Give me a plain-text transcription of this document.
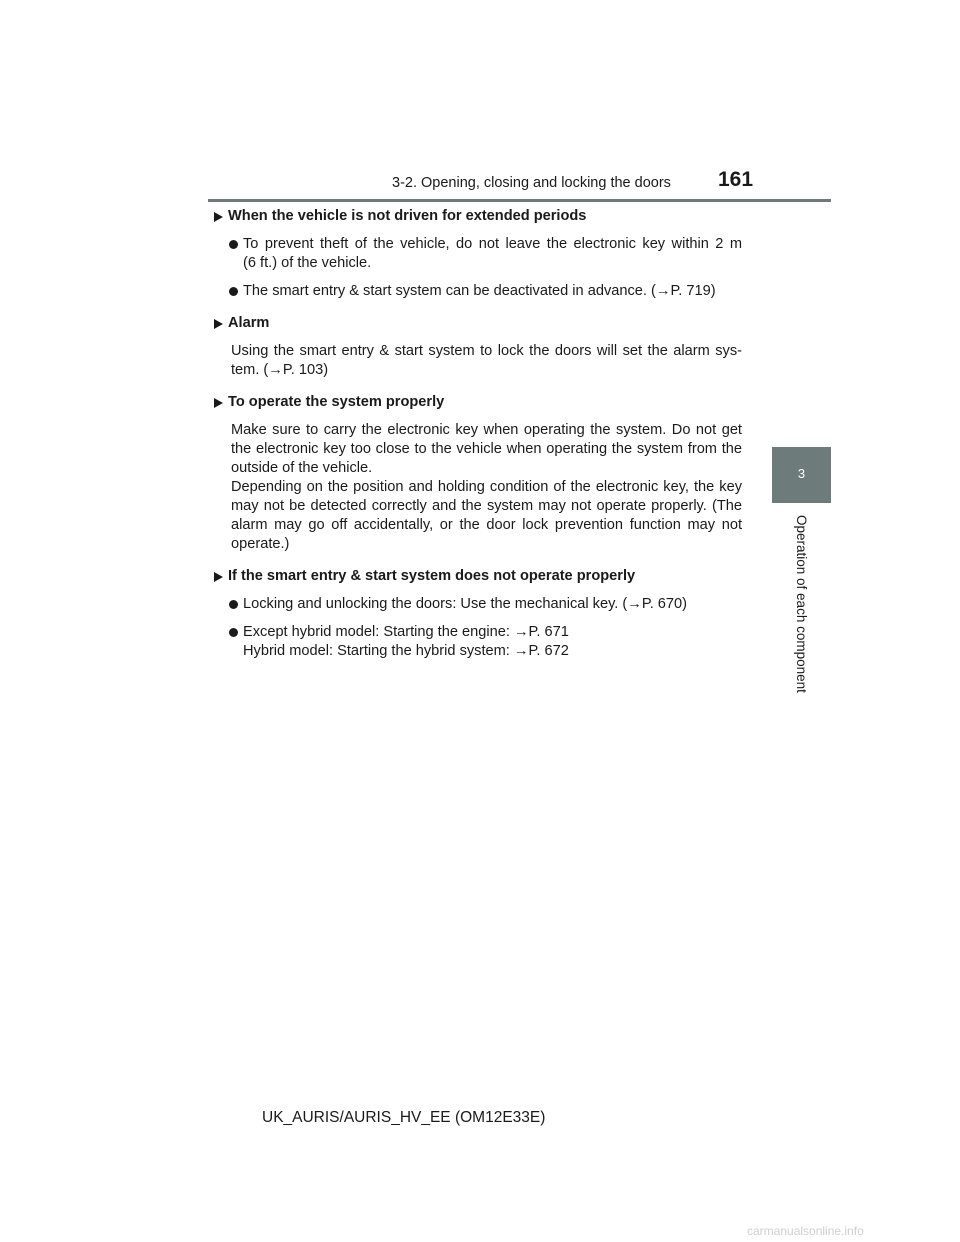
3-2. Opening, closing and locking the doors 161
3
Operation of each component
When the vehicle is not driven for extended periods
To prevent theft of the vehicle, do not leave the electronic key within 2 m
(6 ft.) of the vehicle.
The smart entry & start system can be deactivated in advance. (→P. 719)
Alarm
Using the smart entry & start system to lock the doors will set the alarm sys-
tem. (→P. 103)
To operate the system properly
Make sure to carry the electronic key when operating the system. Do not get
the electronic key too close to the vehicle when operating the system from the
outside of the vehicle.
Depending on the position and holding condition of the electronic key, the key
may not be detected correctly and the system may not operate properly. (The
alarm may go off accidentally, or the door lock prevention function may not
operate.)
If the smart entry & start system does not operate properly
Locking and unlocking the doors: Use the mechanical key. (→P. 670)
Except hybrid model: Starting the engine: →P. 671
Hybrid model: Starting the hybrid system: →P. 672
UK_AURIS/AURIS_HV_EE (OM12E33E)
carmanualsonline.info
